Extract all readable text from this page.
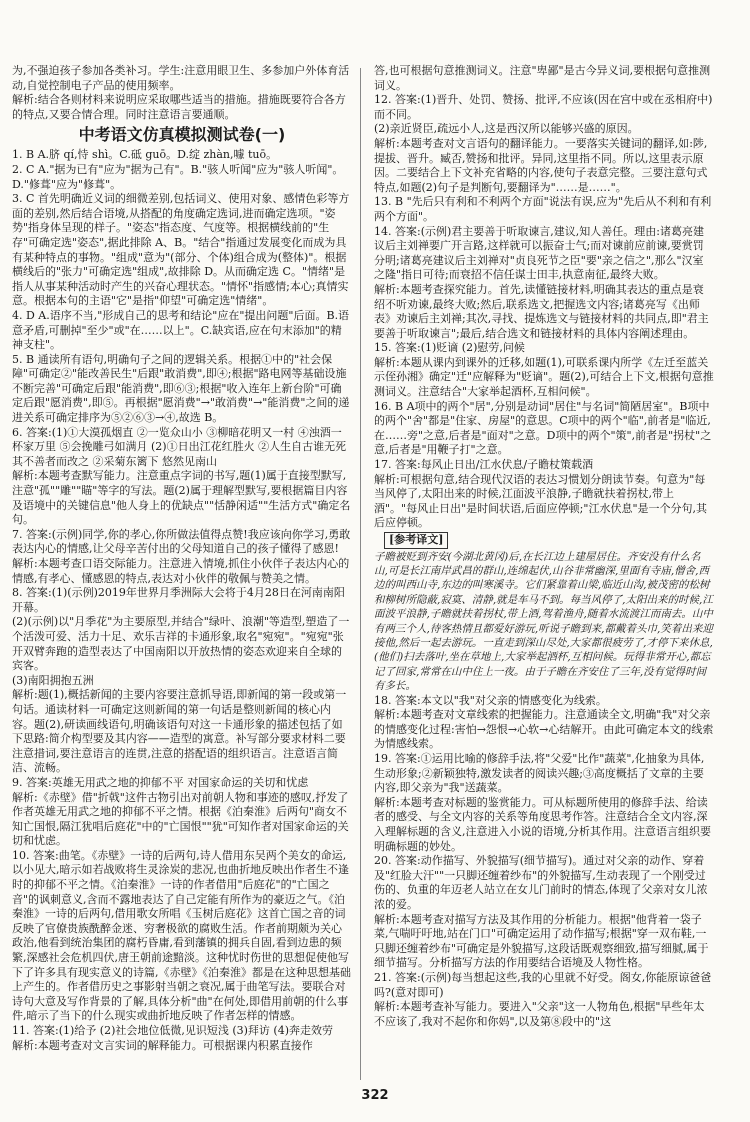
为,不强迫孩子参加各类补习。学生:注意用眼卫生、多参加户外体育活动,自觉控制电子产品的使用频率。

解析:结合各则材料来说明应采取哪些适当的措施。措施既要符合各方的特点,又要合情合理。同时注意语言要通顺。

中考语文仿真模拟测试卷(一)

1. B A.脐 qí,恃 shì。C.砥 guō。D.绽 zhàn,噱 tuō。

2. C A."据为已有"应为"据为己有"。B."骇人听闻"应为"骇人听闻"。D."修葺"应为"修葺"。

3. C 首先明确近义词的细微差别,包括词义、使用对象、感情色彩等方面的差别,然后结合语境,从搭配的角度确定选词,进而确定选项。"姿势"指身体呈现的样子。"姿态"指态度、气度等。根据横线前的"生存"可确定选"姿态",据此排除 A、B。"结合"指通过发展变化而成为具有某种特点的事物。"组成"意为"(部分、个体)组合成为(整体)"。根据横线后的"张力"可确定选"组成",故排除 D。从而确定选 C。"情绪"是指人从事某种活动时产生的兴奋心理状态。"情怀"指感情;本心;真情实意。根据本句的主语"它"是指"仰望"可确定选"情绪"。

4. D A.语序不当,"形成自己的思考和结论"应在"提出问题"后面。B.语意矛盾,可删掉"至少"或"在……以上"。C.缺宾语,应在句末添加"的精神支柱"。

5. B 通读所有语句,明确句子之间的逻辑关系。根据①中的"社会保障"可确定②"能改善民生"后跟"敢消费",即④;根据"路电网等基础设施不断完善"可确定后跟"能消费",即⑥③;根据"收入连年上新台阶"可确定后跟"愿消费",即⑤。再根据"愿消费"→"敢消费"→"能消费"之间的递进关系可确定排序为⑤②⑥③→④,故选 B。

6. 答案:(1)①大漠孤烟直 ②一览众山小 ③柳暗花明又一村 ④浊酒一杯家万里 ⑤会挽雕弓如满月 (2)①日出江花红胜火 ②人生自古谁无死 其不善者而改之 ②采菊东篱下 悠然见南山

解析:本题考查默写能力。注意重点字词的书写,题(1)属于直接型默写,注意"孤""雕""瞄"等字的写法。题(2)属于理解型默写,要根据篇目内容及语境中的关键信息"他人身上的优缺点""恬静闲适""生活方式"确定名句。

7. 答案:(示例)同学,你的孝心,你所做法值得点赞!我应该向你学习,勇敢表达内心的情感,让父母辛苦付出的父母知道自己的孩子懂得了感恩!

解析:本题考查口语交际能力。注意进入情境,抓住小伙伴子表达内心的情感,有孝心、懂感恩的特点,表达对小伙伴的敬佩与赞美之情。

8. 答案:(1)(示例)2019年世界月季洲际大会将于4月28日在河南南阳开幕。

(2)(示例)以"月季花"为主要原型,并结合"绿叶、浪潮"等造型,塑造了一个活泼可爱、活力十足、欢乐吉祥的卡通形象,取名"宛宛"。"宛宛"张开双臂奔跑的造型表达了中国南阳以开放热情的姿态欢迎来自全球的宾客。

(3)南阳拥抱五洲

解析:题(1),概括新闻的主要内容要注意抓导语,即新闻的第一段或第一句话。通读材料一可确定这则新闻的第一句话是整则新闻的核心内容。题(2),研读画线语句,明确该语句对这一卡通形象的描述包括了如下思路:简介构型要及其内容——造型的寓意。补写部分要求材料二要注意措词,要注意语言的连贯,注意的搭配语的组织语言。注意语言简洁、流畅。

9. 答案:英雄无用武之地的抑郁不平 对国家命运的关切和忧虑

解析:《赤壁》借"折戟"这件古物引出对前朝人物和事迹的感叹,抒发了作者英雄无用武之地的抑郁不平之情。根据《泊秦淮》后两句"商女不知亡国恨,隔江犹唱后庭花"中的"亡国恨""犹"可知作者对国家命运的关切和忧虑。

10. 答案:曲笔。《赤壁》一诗的后两句,诗人借用东吴两个美女的命运,以小见大,暗示如若战败将生灵涂炭的悲况,也曲折地反映出作者生不逢时的抑郁不平之情。《泊秦淮》一诗的作者借用"后庭花"的"亡国之音"的讽刺意义,含而不露地表达了自己定能有所作为的豪迈之气。《泊秦淮》一诗的后两句,借用歌女所唱《玉树后庭花》这首亡国之音的词反映了官僚贵族酰醉金迷、穷奢极欲的腐败生活。作者前期颇为关心政治,他看到统治集团的腐朽昏庸,看到藩镇的拥兵自固,看到边患的频繁,深感社会危机四伏,唐王朝前途黯淡。这种忧时伤世的思想促使他写下了许多具有现实意义的诗篇,《赤壁》《泊秦淮》都是在这种思想基础上产生的。作者借历史之事影射当朝之衰况,属于曲笔写法。要联合对诗句大意及写作背景的了解,具体分析"曲"在何处,即借用前朝的什么事件,暗示了当下的什么现实或曲折地反映了作者怎样的情感。

11. 答案:(1)给予 (2)社会地位低微,见识短浅 (3)拜访 (4)奔走效劳

解析:本题考查对文言实词的解释能力。可根据课内积累直接作

答,也可根据句意推测词义。注意"卑鄙"是古今异义词,要根据句意推测词义。

12. 答案:(1)晋升、处罚、赞扬、批评,不应该(因在宫中或在丞相府中)而不同。

(2)亲近贤臣,疏远小人,这是西汉所以能够兴盛的原因。

解析:本题考查对文言语句的翻译能力。一要落实关键词的翻译,如:陟,提拔、晋升。臧否,赞扬和批评。异同,这里指不同。所以,这里表示原因。二要结合上下文补充省略的内容,使句子表意完整。三要注意句式特点,如题(2)句子是判断句,要翻译为"……是……"。

13. B "先后只有利和不利两个方面"说法有误,应为"先后从不利和有利两个方面"。

14. 答案:(示例)君主要善于听取谏言,建议,知人善任。理由:诸葛亮建议后主刘禅要广开言路,这样就可以振奋士气;而对谏前应前谏,要赏罚分明;诸葛亮建议后主刘禅对"贞良死节之臣"要"亲之信之",那么"汉室之隆"指日可待;而衰招不信任谋士田丰,执意南征,最终大败。

解析:本题考查探究能力。首先,读懂链接材料,明确其表达的重点是衰绍不听劝谏,最终大败;然后,联系选文,把握选文内容;诸葛亮写《出师表》劝谏后主刘禅;其次,寻找、提炼选文与链接材料的共同点,即"君主要善于听取谏言";最后,结合选文和链接材料的具体内容阐述理由。

15. 答案:(1)贬谪 (2)慰劳,问候

解析:本题从课内到课外的迁移,如题(1),可联系课内所学《左迁至蓝关示侄孙湘》确定"迁"应解释为"贬谪"。题(2),可结合上下文,根据句意推测词义。注意结合"大家举起酒杯,互相问候"。

16. B A项中的两个"居",分别是动词"居住"与名词"简陋居室"。B项中的两个"舍"都是"住家、房屋"的意思。C项中的两个"临",前者是"临近,在……旁"之意,后者是"面对"之意。D项中的两个"策",前者是"拐杖"之意,后者是"用鞭子打"之意。

17. 答案:每风止日出/江水伏息/子瞻杖策载酒

解析:可根据句意,结合现代汉语的表达习惯划分朗读节奏。句意为"每当风停了,太阳出来的时候,江面波平浪静,子瞻就扶着拐杖,带上酒"。"每风止日出"是时间状语,后面应停顿;"江水伏息"是一个分句,其后应停顿。

[参考译文]

子瞻被贬到齐安(今湖北黄冈)后,在长江边上建屋居住。齐安没有什么名山,可是长江南岸武昌的群山,连绵起伏,山谷非常幽深,里面有寺庙,僧舍,西边的叫西山寺,东边的叫寒溪寺。它们紧靠着山梁,临近山沟,被茂密的松树和柳树所隐蔽,寂寞、清静,就是车马不到。每当风停了,太阳出来的时候,江面波平浪静,子瞻就扶着拐杖,带上酒,驾着渔舟,随着水流渡江而南去。山中有两三个人,待客热情且都爱好游玩,听说子瞻到来,都戴着头巾,笑着出来迎接他,然后一起去游玩。一直走到深山尽处,大家都很疲劳了,才停下来休息,(他们)扫去落叶,坐在草地上,大家举起酒杯,互相问候。玩得非常开心,都忘记了回家,常常在山中住上一夜。由于子瞻在齐安住了三年,没有觉得时间有多长。

18. 答案:本文以"我"对父亲的情感变化为线索。

解析:本题考查对文章线索的把握能力。注意通读全文,明确"我"对父亲的情感变化过程:害怕→怨恨→心软→心结解开。由此可确定本文的线索为情感线索。

19. 答案:①运用比喻的修辞手法,将"父爱"比作"蔬菜",化抽象为具体,生动形象;②新颖独特,激发读者的阅读兴趣;③高度概括了文章的主要内容,即父亲为"我"送蔬菜。

解析:本题考查对标题的鉴赏能力。可从标题所使用的修辞手法、给读者的感受、与全文内容的关系等角度思考作答。注意结合全文内容,深入理解标题的含义,注意进入小说的语境,分析其作用。注意语言组织要明确标题的妙处。

20. 答案:动作描写、外貌描写(细节描写)。通过对父亲的动作、穿着及"红脸大汗""一只脚还缠着纱布"的外貌描写,生动表现了一个刚受过伤的、负重的年迈老人站立在女儿门前时的情态,体现了父亲对女儿浓浓的爱。

解析:本题考查对描写方法及其作用的分析能力。根据"他背着一袋子菜,气喘吁吁地,站在门口"可确定运用了动作描写;根据"穿一双布鞋,一只脚还缠着纱布"可确定是外貌描写,这段话既观察细致,描写细腻,属于细节描写。分析描写方法的作用要结合语境及人物性格。

21. 答案:(示例)每当想起这些,我的心里就不好受。阁女,你能原谅爸爸吗?(意对即可)

解析:本题考查补写能力。要进入"父亲"这一人物角色,根据"早些年太不应该了,我对不起你和你妈",以及第⑧段中的"这

322
